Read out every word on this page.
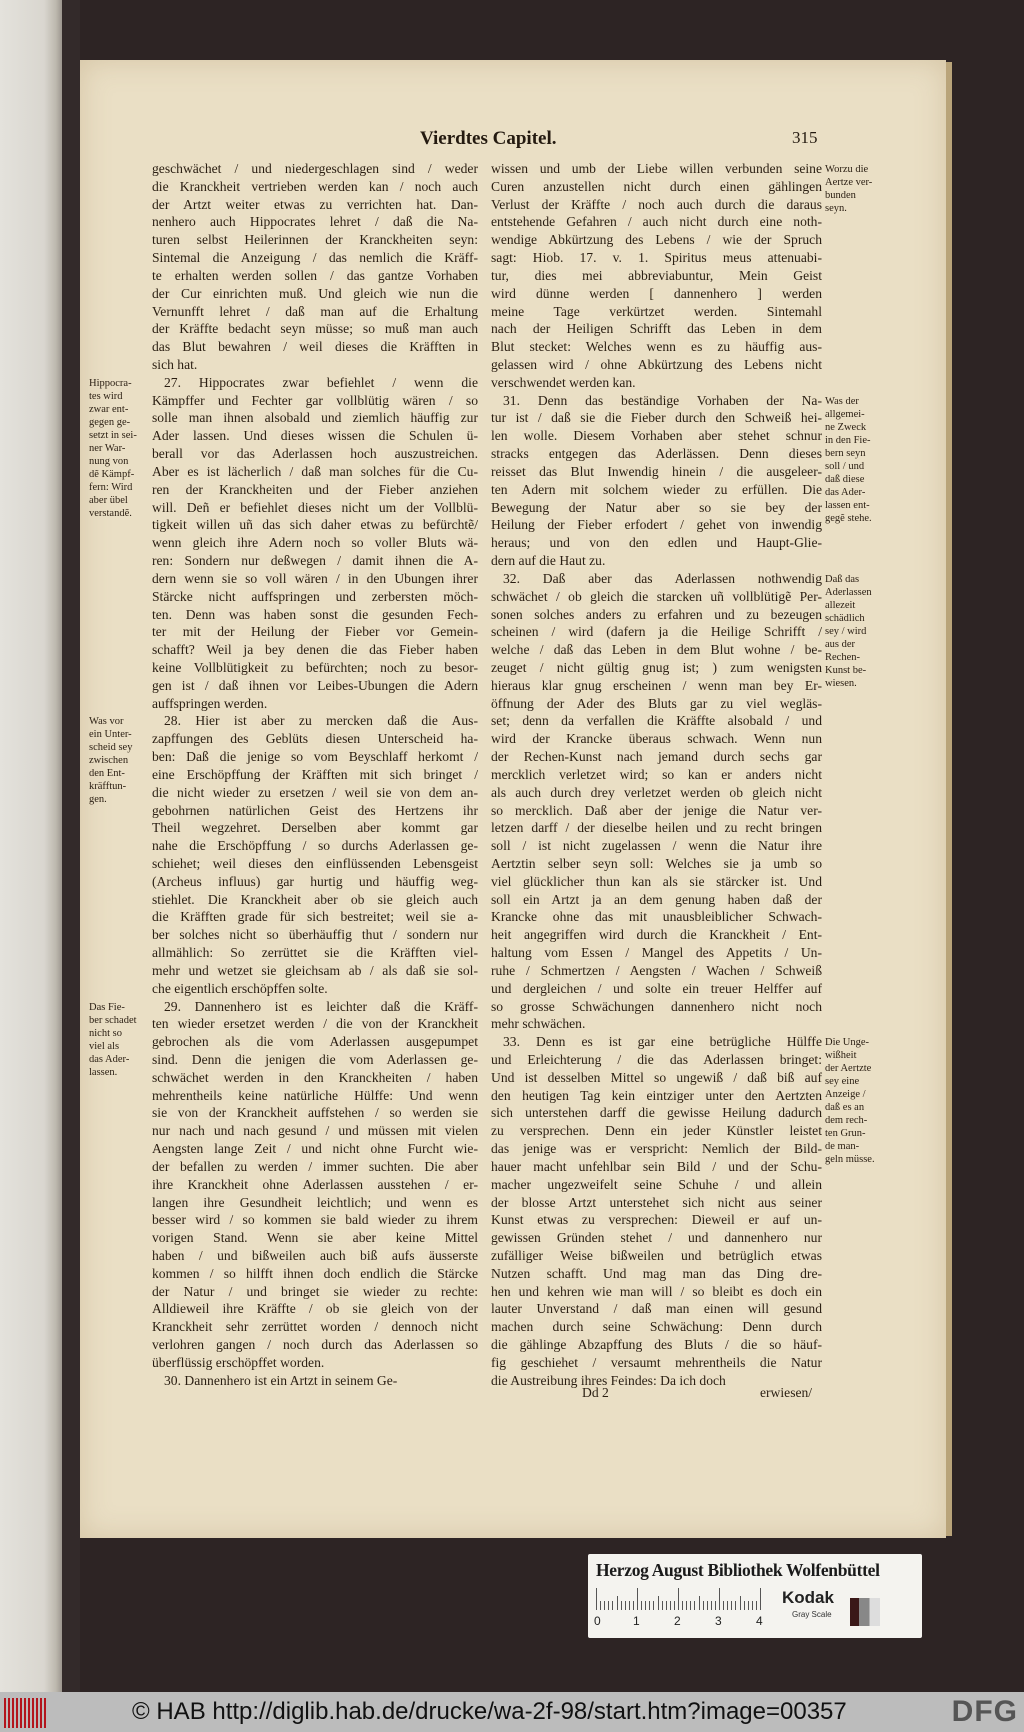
Vierdtes Capitel.	315
geschwächet / und niedergeschlagen sind / weder
die Kranckheit vertrieben werden kan / noch auch
der Artzt weiter etwas zu verrichten hat. Dan-
nenhero auch Hippocrates lehret / daß die Na-
turen selbst Heilerinnen der Kranckheiten seyn:
Sintemal die Anzeigung / das nemlich die Kräff-
te erhalten werden sollen / das gantze Vorhaben
der Cur einrichten muß. Und gleich wie nun die
Vernunfft lehret / daß man auf die Erhaltung
der Kräffte bedacht seyn müsse; so muß man auch
das Blut bewahren / weil dieses die Kräfften in
sich hat.
27. Hippocrates zwar befiehlet / wenn die
Kämpffer und Fechter gar vollblütig wären / so
solle man ihnen alsobald und ziemlich häuffig zur
Ader lassen. Und dieses wissen die Schulen ü-
berall vor das Aderlassen hoch auszustreichen.
Aber es ist lächerlich / daß man solches für die Cu-
ren der Kranckheiten und der Fieber anziehen
will. Deñ er befiehlet dieses nicht um der Vollblü-
tigkeit willen uñ das sich daher etwas zu befürchtẽ/
wenn gleich ihre Adern noch so voller Bluts wä-
ren: Sondern nur deßwegen / damit ihnen die A-
dern wenn sie so voll wären / in den Ubungen ihrer
Stärcke nicht auffspringen und zerbersten möch-
ten. Denn was haben sonst die gesunden Fech-
ter mit der Heilung der Fieber vor Gemein-
schafft? Weil ja bey denen die das Fieber haben
keine Vollblütigkeit zu befürchten; noch zu besor-
gen ist / daß ihnen vor Leibes-Ubungen die Adern
auffspringen werden.
28. Hier ist aber zu mercken daß die Aus-
zapffungen des Geblüts diesen Unterscheid ha-
ben: Daß die jenige so vom Beyschlaff herkomt /
eine Erschöpffung der Kräfften mit sich bringet /
die nicht wieder zu ersetzen / weil sie von dem an-
gebohrnen natürlichen Geist des Hertzens ihr
Theil wegzehret. Derselben aber kommt gar
nahe die Erschöpffung / so durchs Aderlassen ge-
schiehet; weil dieses den einflüssenden Lebensgeist
(Archeus influus) gar hurtig und häuffig weg-
stiehlet. Die Kranckheit aber ob sie gleich auch
die Kräfften grade für sich bestreitet; weil sie a-
ber solches nicht so überhäuffig thut / sondern nur
allmählich: So zerrüttet sie die Kräfften viel-
mehr und wetzet sie gleichsam ab / als daß sie sol-
che eigentlich erschöpffen solte.
29. Dannenhero ist es leichter daß die Kräff-
ten wieder ersetzet werden / die von der Kranckheit
gebrochen als die vom Aderlassen ausgepumpet
sind. Denn die jenigen die vom Aderlassen ge-
schwächet werden in den Kranckheiten / haben
mehrentheils keine natürliche Hülffe: Und wenn
sie von der Kranckheit auffstehen / so werden sie
nur nach und nach gesund / und müssen mit vielen
Aengsten lange Zeit / und nicht ohne Furcht wie-
der befallen zu werden / immer suchten. Die aber
ihre Kranckheit ohne Aderlassen ausstehen / er-
langen ihre Gesundheit leichtlich; und wenn es
besser wird / so kommen sie bald wieder zu ihrem
vorigen Stand. Wenn sie aber keine Mittel
haben / und bißweilen auch biß aufs äusserste
kommen / so hilfft ihnen doch endlich die Stärcke
der Natur / und bringet sie wieder zu rechte:
Alldieweil ihre Kräffte / ob sie gleich von der
Kranckheit sehr zerrüttet worden / dennoch nicht
verlohren gangen / noch durch das Aderlassen so
überflüssig erschöpffet worden.
30. Dannenhero ist ein Artzt in seinem Ge-
wissen und umb der Liebe willen verbunden seine
Curen anzustellen nicht durch einen gählingen
Verlust der Kräffte / noch auch durch die daraus
entstehende Gefahren / auch nicht durch eine noth-
wendige Abkürtzung des Lebens / wie der Spruch
sagt: Hiob. 17. v. 1. Spiritus meus attenuabi-
tur, dies mei abbreviabuntur, Mein Geist
wird dünne werden [ dannenhero ] werden
meine Tage verkürtzet werden. Sintemahl
nach der Heiligen Schrifft das Leben in dem
Blut stecket: Welches wenn es zu häuffig aus-
gelassen wird / ohne Abkürtzung des Lebens nicht
verschwendet werden kan.
31. Denn das beständige Vorhaben der Na-
tur ist / daß sie die Fieber durch den Schweiß hei-
len wolle. Diesem Vorhaben aber stehet schnur
stracks entgegen das Aderlässen. Denn dieses
reisset das Blut Inwendig hinein / die ausgeleer-
ten Adern mit solchem wieder zu erfüllen. Die
Bewegung der Natur aber so sie bey der
Heilung der Fieber erfodert / gehet von inwendig
heraus; und von den edlen und Haupt-Glie-
dern auf die Haut zu.
32. Daß aber das Aderlassen nothwendig
schwächet / ob gleich die starcken uñ vollblütigẽ Per-
sonen solches anders zu erfahren und zu bezeugen
scheinen / wird (dafern ja die Heilige Schrifft /
welche / daß das Leben in dem Blut wohne / be-
zeuget / nicht gültig gnug ist; ) zum wenigsten
hieraus klar gnug erscheinen / wenn man bey Er-
öffnung der Ader des Bluts gar zu viel wegläs-
set; denn da verfallen die Kräffte alsobald / und
wird der Krancke überaus schwach. Wenn nun
der Rechen-Kunst nach jemand durch sechs gar
mercklich verletzet wird; so kan er anders nicht
als auch durch drey verletzet werden ob gleich nicht
so mercklich. Daß aber der jenige die Natur ver-
letzen darff / der dieselbe heilen und zu recht bringen
soll / ist nicht zugelassen / wenn die Natur ihre
Aertztin selber seyn soll: Welches sie ja umb so
viel glücklicher thun kan als sie stärcker ist. Und
soll ein Artzt ja an dem genung haben daß der
Krancke ohne das mit unausbleiblicher Schwach-
heit angegriffen wird durch die Kranckheit / Ent-
haltung vom Essen / Mangel des Appetits / Un-
ruhe / Schmertzen / Aengsten / Wachen / Schweiß
und dergleichen / und solte ein treuer Helffer auf
so grosse Schwächungen dannenhero nicht noch
mehr schwächen.
33. Denn es ist gar eine betrügliche Hülffe
und Erleichterung / die das Aderlassen bringet:
Und ist desselben Mittel so ungewiß / daß biß auf
den heutigen Tag kein eintziger unter den Aertzten
sich unterstehen darff die gewisse Heilung dadurch
zu versprechen. Denn ein jeder Künstler leistet
das jenige was er verspricht: Nemlich der Bild-
hauer macht unfehlbar sein Bild / und der Schu-
macher ungezweifelt seine Schuhe / und allein
der blosse Artzt unterstehet sich nicht aus seiner
Kunst etwas zu versprechen: Dieweil er auf un-
gewissen Gründen stehet / und dannenhero nur
zufälliger Weise bißweilen und betrüglich etwas
Nutzen schafft. Und mag man das Ding dre-
hen und kehren wie man will / so bleibt es doch ein
lauter Unverstand / daß man einen will gesund
machen durch seine Schwächung: Denn durch
die gählinge Abzapffung des Bluts / die so häuf-
fig geschiehet / versaumt mehrentheils die Natur
die Austreibung ihres Feindes: Da ich doch
Hippocra-
tes wird
zwar ent-
gegen ge-
setzt in sei-
ner War-
nung von
dẽ Kämpf-
fern: Wird
aber übel
verstandẽ.
Was vor
ein Unter-
scheid sey
zwischen
den Ent-
kräfftun-
gen.
Das Fie-
ber schadet
nicht so
viel als
das Ader-
lassen.
Worzu die
Aertze ver-
bunden
seyn.
Was der
allgemei-
ne Zweck
in den Fie-
bern seyn
soll / und
daß diese
das Ader-
lassen ent-
gegẽ stehe.
Daß das
Aderlassen
allezeit
schädlich
sey / wird
aus der
Rechen-
Kunst be-
wiesen.
Die Unge-
wißheit
der Aertzte
sey eine
Anzeige /
daß es an
dem rech-
ten Grun-
de man-
geln müsse.
Dd 2	erwiesen/
Herzog August Bibliothek Wolfenbüttel
0	1	2	3	4
Kodak
Gray Scale
© HAB http://diglib.hab.de/drucke/wa-2f-98/start.htm?image=00357	DFG
